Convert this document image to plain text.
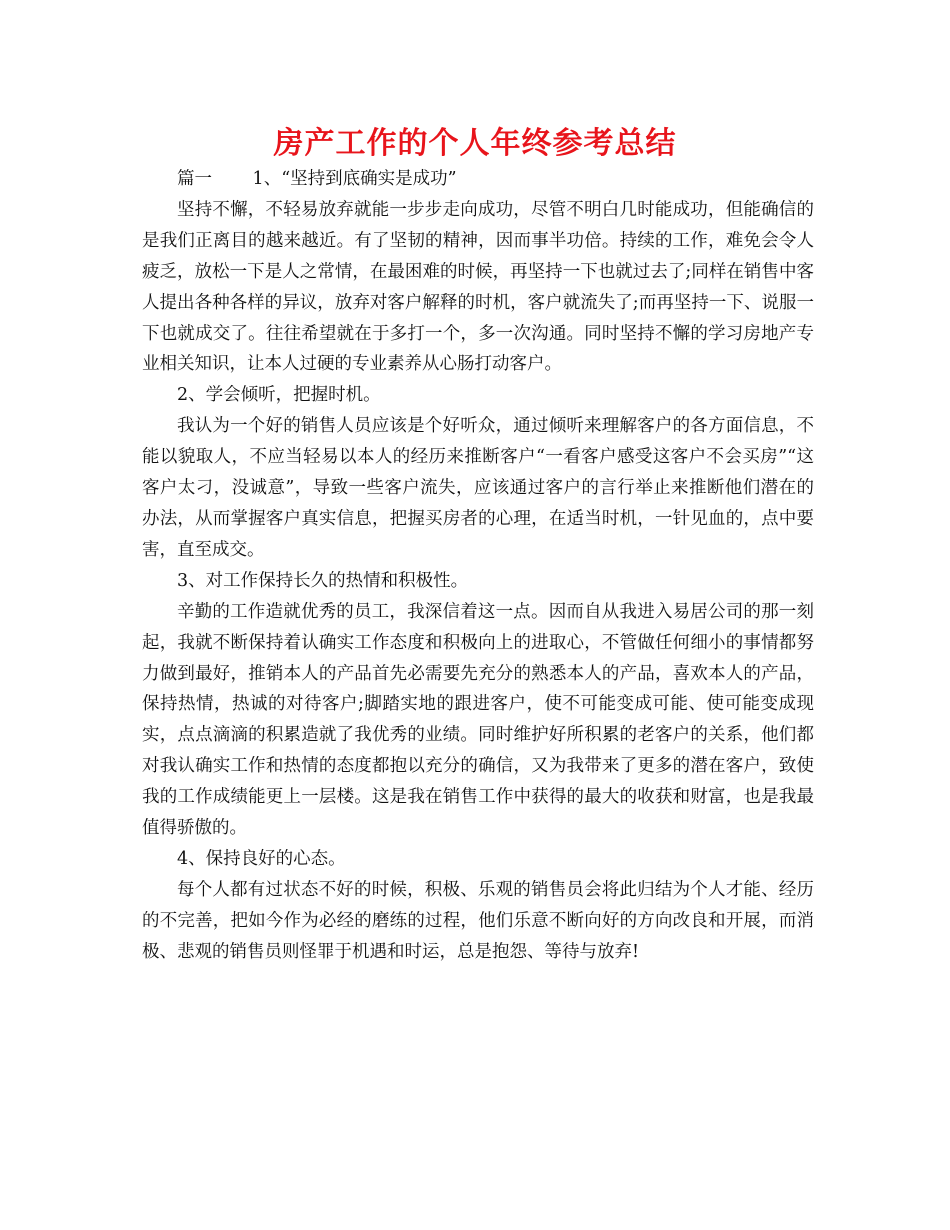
房产工作的个人年终参考总结

篇一　　 1、“坚持到底确实是成功”

坚持不懈，不轻易放弃就能一步步走向成功，尽管不明白几时能成功，但能确信的是我们正离目的越来越近。有了坚韧的精神，因而事半功倍。持续的工作，难免会令人疲乏，放松一下是人之常情，在最困难的时候，再坚持一下也就过去了;同样在销售中客人提出各种各样的异议，放弃对客户解释的时机，客户就流失了;而再坚持一下、说服一下也就成交了。往往希望就在于多打一个，多一次沟通。同时坚持不懈的学习房地产专业相关知识，让本人过硬的专业素养从心肠打动客户。

2、学会倾听，把握时机。

我认为一个好的销售人员应该是个好听众，通过倾听来理解客户的各方面信息，不能以貌取人，不应当轻易以本人的经历来推断客户“一看客户感受这客户不会买房”“这客户太刁，没诚意”，导致一些客户流失，应该通过客户的言行举止来推断他们潜在的办法，从而掌握客户真实信息，把握买房者的心理，在适当时机，一针见血的，点中要害，直至成交。

3、对工作保持长久的热情和积极性。

辛勤的工作造就优秀的员工，我深信着这一点。因而自从我进入易居公司的那一刻起，我就不断保持着认确实工作态度和积极向上的进取心，不管做任何细小的事情都努力做到最好，推销本人的产品首先必需要先充分的熟悉本人的产品，喜欢本人的产品，保持热情，热诚的对待客户;脚踏实地的跟进客户，使不可能变成可能、使可能变成现实，点点滴滴的积累造就了我优秀的业绩。同时维护好所积累的老客户的关系，他们都对我认确实工作和热情的态度都抱以充分的确信，又为我带来了更多的潜在客户，致使我的工作成绩能更上一层楼。这是我在销售工作中获得的最大的收获和财富，也是我最值得骄傲的。

4、保持良好的心态。

每个人都有过状态不好的时候，积极、乐观的销售员会将此归结为个人才能、经历的不完善，把如今作为必经的磨练的过程，他们乐意不断向好的方向改良和开展，而消极、悲观的销售员则怪罪于机遇和时运，总是抱怨、等待与放弃!
